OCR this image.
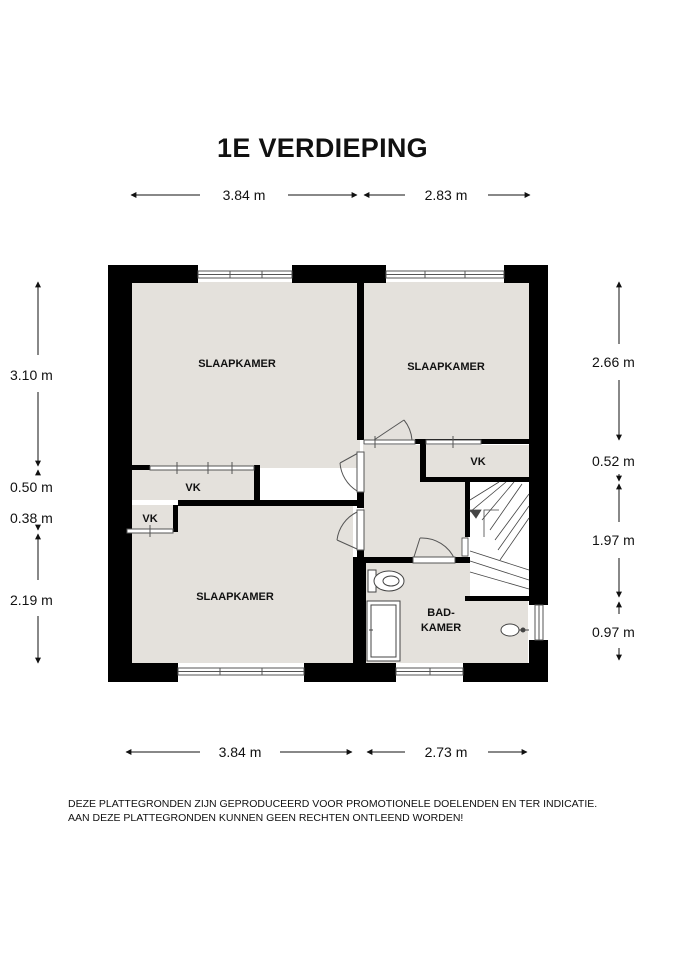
1E VERDIEPING
SLAAPKAMER	SLAAPKAMER
SLAAPKAMER
VK
VK
VK
BAD-
KAMER
3.84 m	2.83 m
3.84 m	2.73 m
3.10 m
0.50 m
0.38 m
2.19 m
2.66 m
0.52 m
1.97 m
0.97 m
DEZE PLATTEGRONDEN ZIJN GEPRODUCEERD VOOR PROMOTIONELE DOELENDEN EN TER INDICATIE.
AAN DEZE PLATTEGRONDEN KUNNEN GEEN RECHTEN ONTLEEND WORDEN!
